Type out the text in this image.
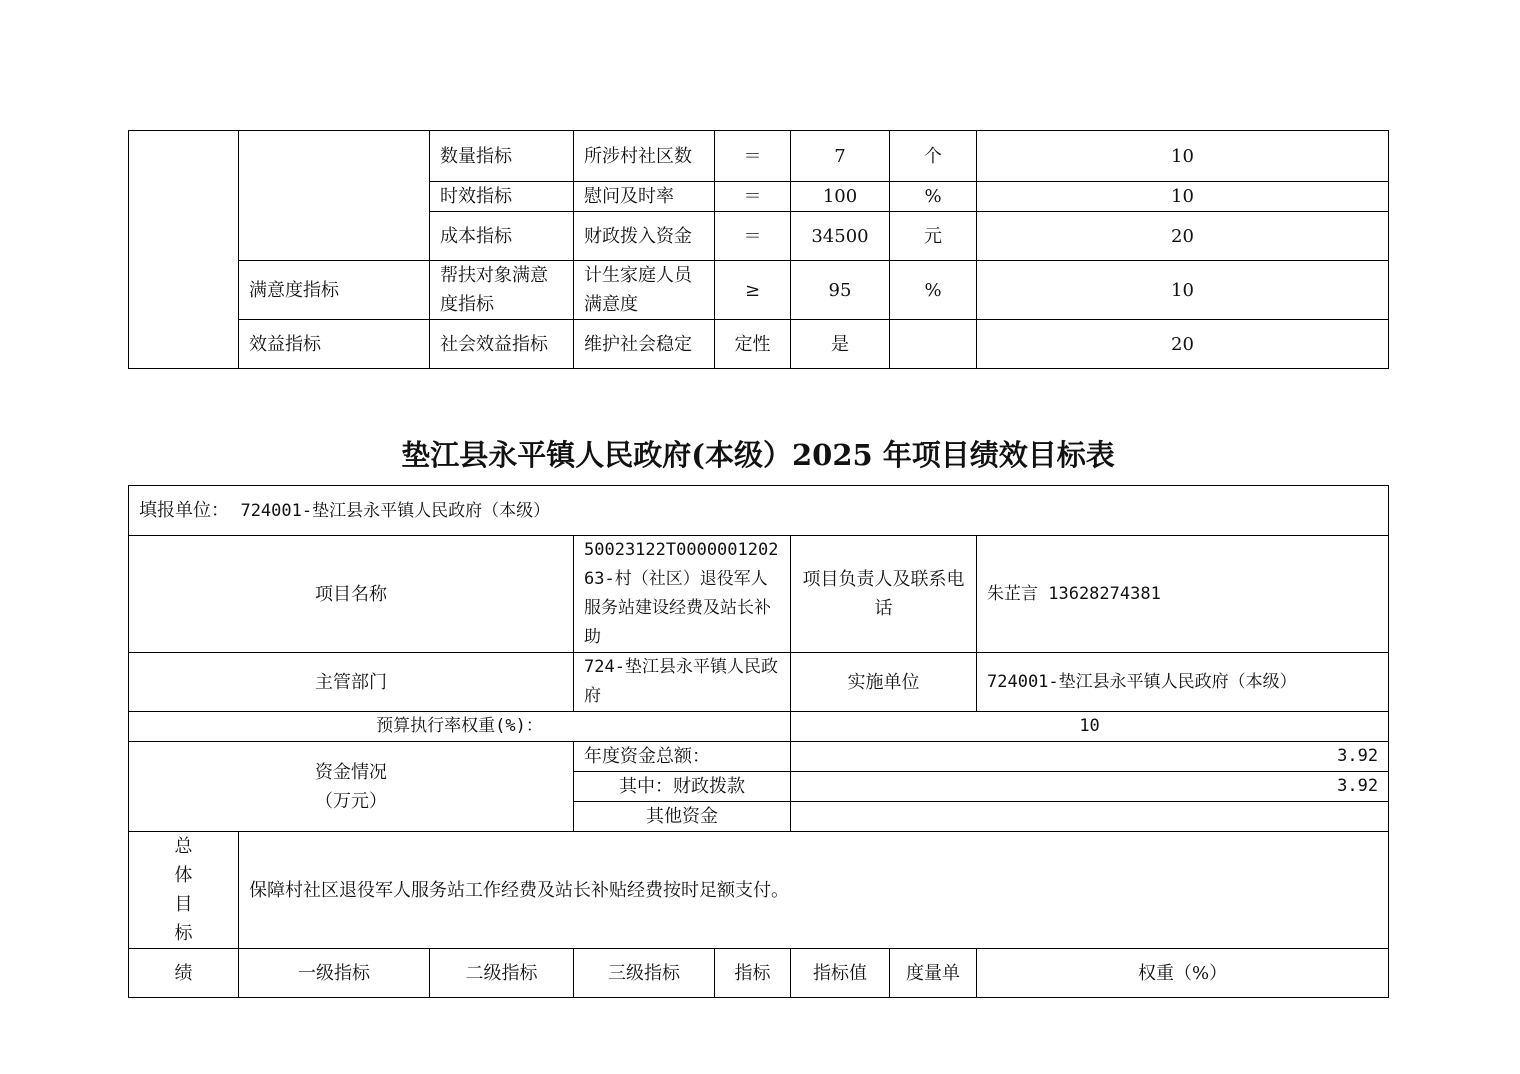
		数量指标	所涉村社区数	＝	7	个	10
		时效指标	慰问及时率	＝	100	%	10
		成本指标	财政拨入资金	＝	34500	元	20
	满意度指标	帮扶对象满意度指标	计生家庭人员满意度	≥	95	%	10
	效益指标	社会效益指标	维护社会稳定	定性	是		20
垫江县永平镇人民政府(本级）2025 年项目绩效目标表
填报单位： 724001-垫江县永平镇人民政府（本级）							
项目名称			50023122T000000120263-村（社区）退役军人服务站建设经费及站长补助		项目负责人及联系电话		朱芷言 13628274381
主管部门			724-垫江县永平镇人民政府		实施单位		724001-垫江县永平镇人民政府（本级）
预算执行率权重(%)：					10		

资金情况
（万元）			年度资金总额：		3.92		
			其中：财政拨款		3.92		
			其他资金				

总
体
目
标	保障村社区退役军人服务站工作经费及站长补贴经费按时足额支付。						
绩	一级指标	二级指标	三级指标	指标	指标值	度量单	权重（%）
